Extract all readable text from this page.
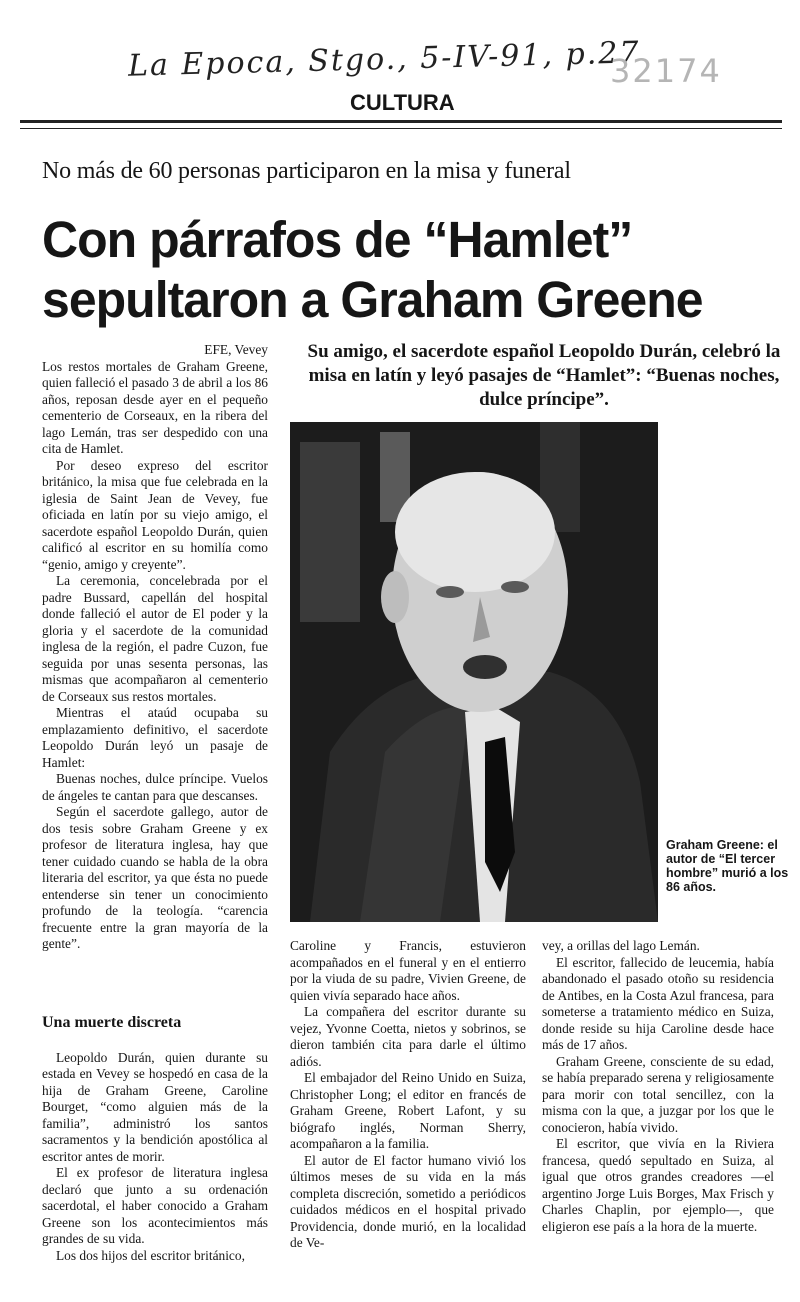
La Epoca, Stgo., 5-IV-91, p.27
32174
CULTURA
No más de 60 personas participaron en la misa y funeral
Con párrafos de “Hamlet”
sepultaron a Graham Greene
Su amigo, el sacerdote español Leopoldo Durán, celebró la misa en latín y leyó pasajes de “Hamlet”: “Buenas noches, dulce príncipe”.
Graham Greene: el autor de “El tercer hombre” murió a los 86 años.

EFE, Vevey

Los restos mortales de Graham Greene, quien falleció el pasado 3 de abril a los 86 años, reposan desde ayer en el pequeño cementerio de Corseaux, en la ribera del lago Lemán, tras ser despedido con una cita de Hamlet.

Por deseo expreso del escritor británico, la misa que fue celebrada en la iglesia de Saint Jean de Vevey, fue oficiada en latín por su viejo amigo, el sacerdote español Leopoldo Durán, quien calificó al escritor en su homilía como “genio, amigo y creyente”.

La ceremonia, concelebrada por el padre Bussard, capellán del hospital donde falleció el autor de El poder y la gloria y el sacerdote de la comunidad inglesa de la región, el padre Cuzon, fue seguida por unas sesenta personas, las mismas que acompañaron al cementerio de Corseaux sus restos mortales.

Mientras el ataúd ocupaba su emplazamiento definitivo, el sacerdote Leopoldo Durán leyó un pasaje de Hamlet:

Buenas noches, dulce príncipe. Vuelos de ángeles te cantan para que descanses.

Según el sacerdote gallego, autor de dos tesis sobre Graham Greene y ex profesor de literatura inglesa, hay que tener cuidado cuando se habla de la obra literaria del escritor, ya que ésta no puede entenderse sin tener un conocimiento profundo de la teología. “carencia frecuente entre la gran mayoría de la gente”.

Una muerte discreta

Leopoldo Durán, quien durante su estada en Vevey se hospedó en casa de la hija de Graham Greene, Caroline Bourget, “como alguien más de la familia”, administró los santos sacramentos y la bendición apostólica al escritor antes de morir.

El ex profesor de literatura inglesa declaró que junto a su ordenación sacerdotal, el haber conocido a Graham Greene son los acontecimientos más grandes de su vida.

Los dos hijos del escritor británico,

Caroline y Francis, estuvieron acompañados en el funeral y en el entierro por la viuda de su padre, Vivien Greene, de quien vivía separado hace años.

La compañera del escritor durante su vejez, Yvonne Coetta, nietos y sobrinos, se dieron también cita para darle el último adiós.

El embajador del Reino Unido en Suiza, Christopher Long; el editor en francés de Graham Greene, Robert Lafont, y su biógrafo inglés, Norman Sherry, acompañaron a la familia.

El autor de El factor humano vivió los últimos meses de su vida en la más completa discreción, sometido a periódicos cuidados médicos en el hospital privado Providencia, donde murió, en la localidad de Ve-

vey, a orillas del lago Lemán.

El escritor, fallecido de leucemia, había abandonado el pasado otoño su residencia de Antibes, en la Costa Azul francesa, para someterse a tratamiento médico en Suiza, donde reside su hija Caroline desde hace más de 17 años.

Graham Greene, consciente de su edad, se había preparado serena y religiosamente para morir con total sencillez, con la misma con la que, a juzgar por los que le conocieron, había vivido.

El escritor, que vivía en la Riviera francesa, quedó sepultado en Suiza, al igual que otros grandes creadores —el argentino Jorge Luis Borges, Max Frisch y Charles Chaplin, por ejemplo—, que eligieron ese país a la hora de la muerte.
